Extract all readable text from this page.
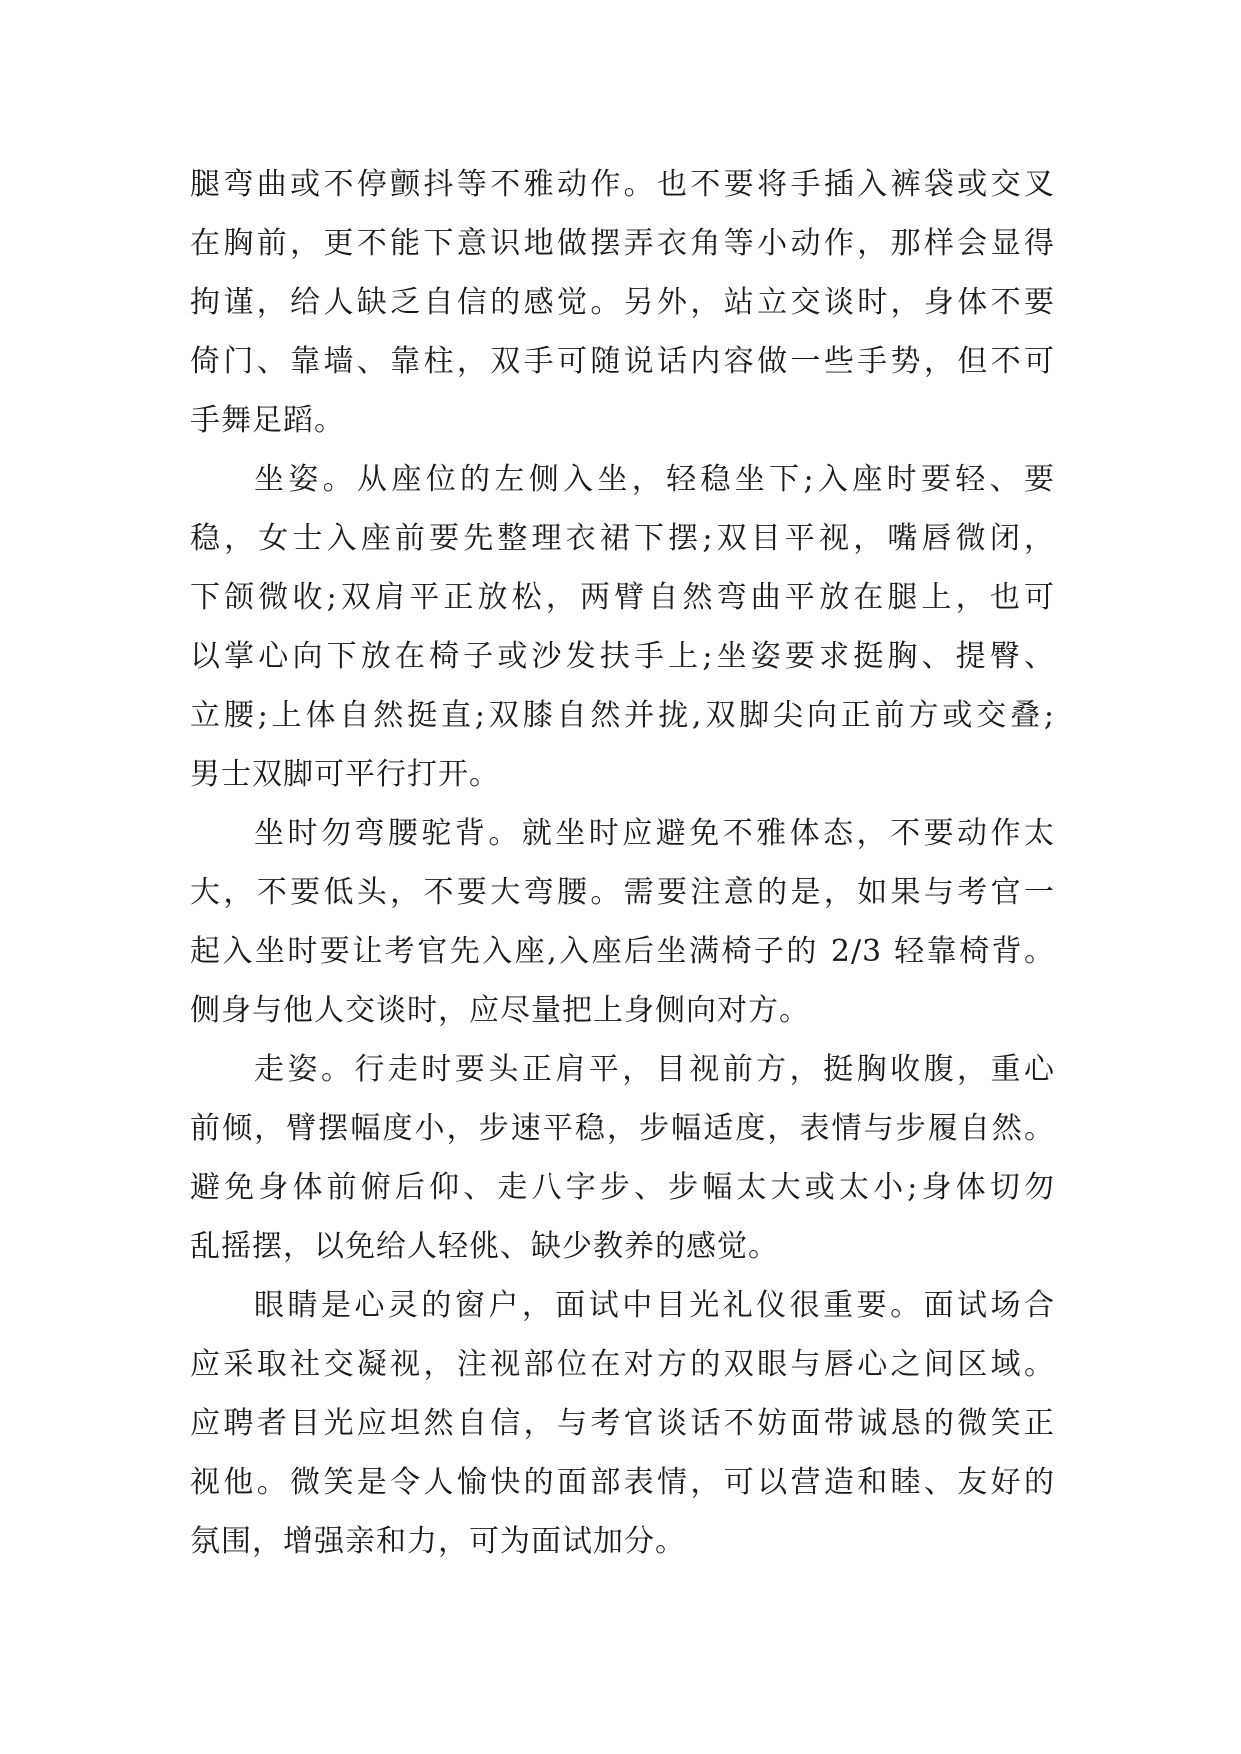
腿弯曲或不停颤抖等不雅动作。也不要将手插入裤袋或交叉
在胸前，更不能下意识地做摆弄衣角等小动作，那样会显得
拘谨，给人缺乏自信的感觉。另外，站立交谈时，身体不要
倚门、靠墙、靠柱，双手可随说话内容做一些手势，但不可
手舞足蹈。
坐姿。从座位的左侧入坐，轻稳坐下;入座时要轻、要
稳，女士入座前要先整理衣裙下摆;双目平视，嘴唇微闭，
下颌微收;双肩平正放松，两臂自然弯曲平放在腿上，也可
以掌心向下放在椅子或沙发扶手上;坐姿要求挺胸、提臀、
立腰;上体自然挺直;双膝自然并拢,双脚尖向正前方或交叠;
男士双脚可平行打开。
坐时勿弯腰驼背。就坐时应避免不雅体态，不要动作太
大，不要低头，不要大弯腰。需要注意的是，如果与考官一
起入坐时要让考官先入座,入座后坐满椅子的 2/3 轻靠椅背。
侧身与他人交谈时，应尽量把上身侧向对方。
走姿。行走时要头正肩平，目视前方，挺胸收腹，重心
前倾，臂摆幅度小，步速平稳，步幅适度，表情与步履自然。
避免身体前俯后仰、走八字步、步幅太大或太小;身体切勿
乱摇摆，以免给人轻佻、缺少教养的感觉。
眼睛是心灵的窗户，面试中目光礼仪很重要。面试场合
应采取社交凝视，注视部位在对方的双眼与唇心之间区域。
应聘者目光应坦然自信，与考官谈话不妨面带诚恳的微笑正
视他。微笑是令人愉快的面部表情，可以营造和睦、友好的
氛围，增强亲和力，可为面试加分。
